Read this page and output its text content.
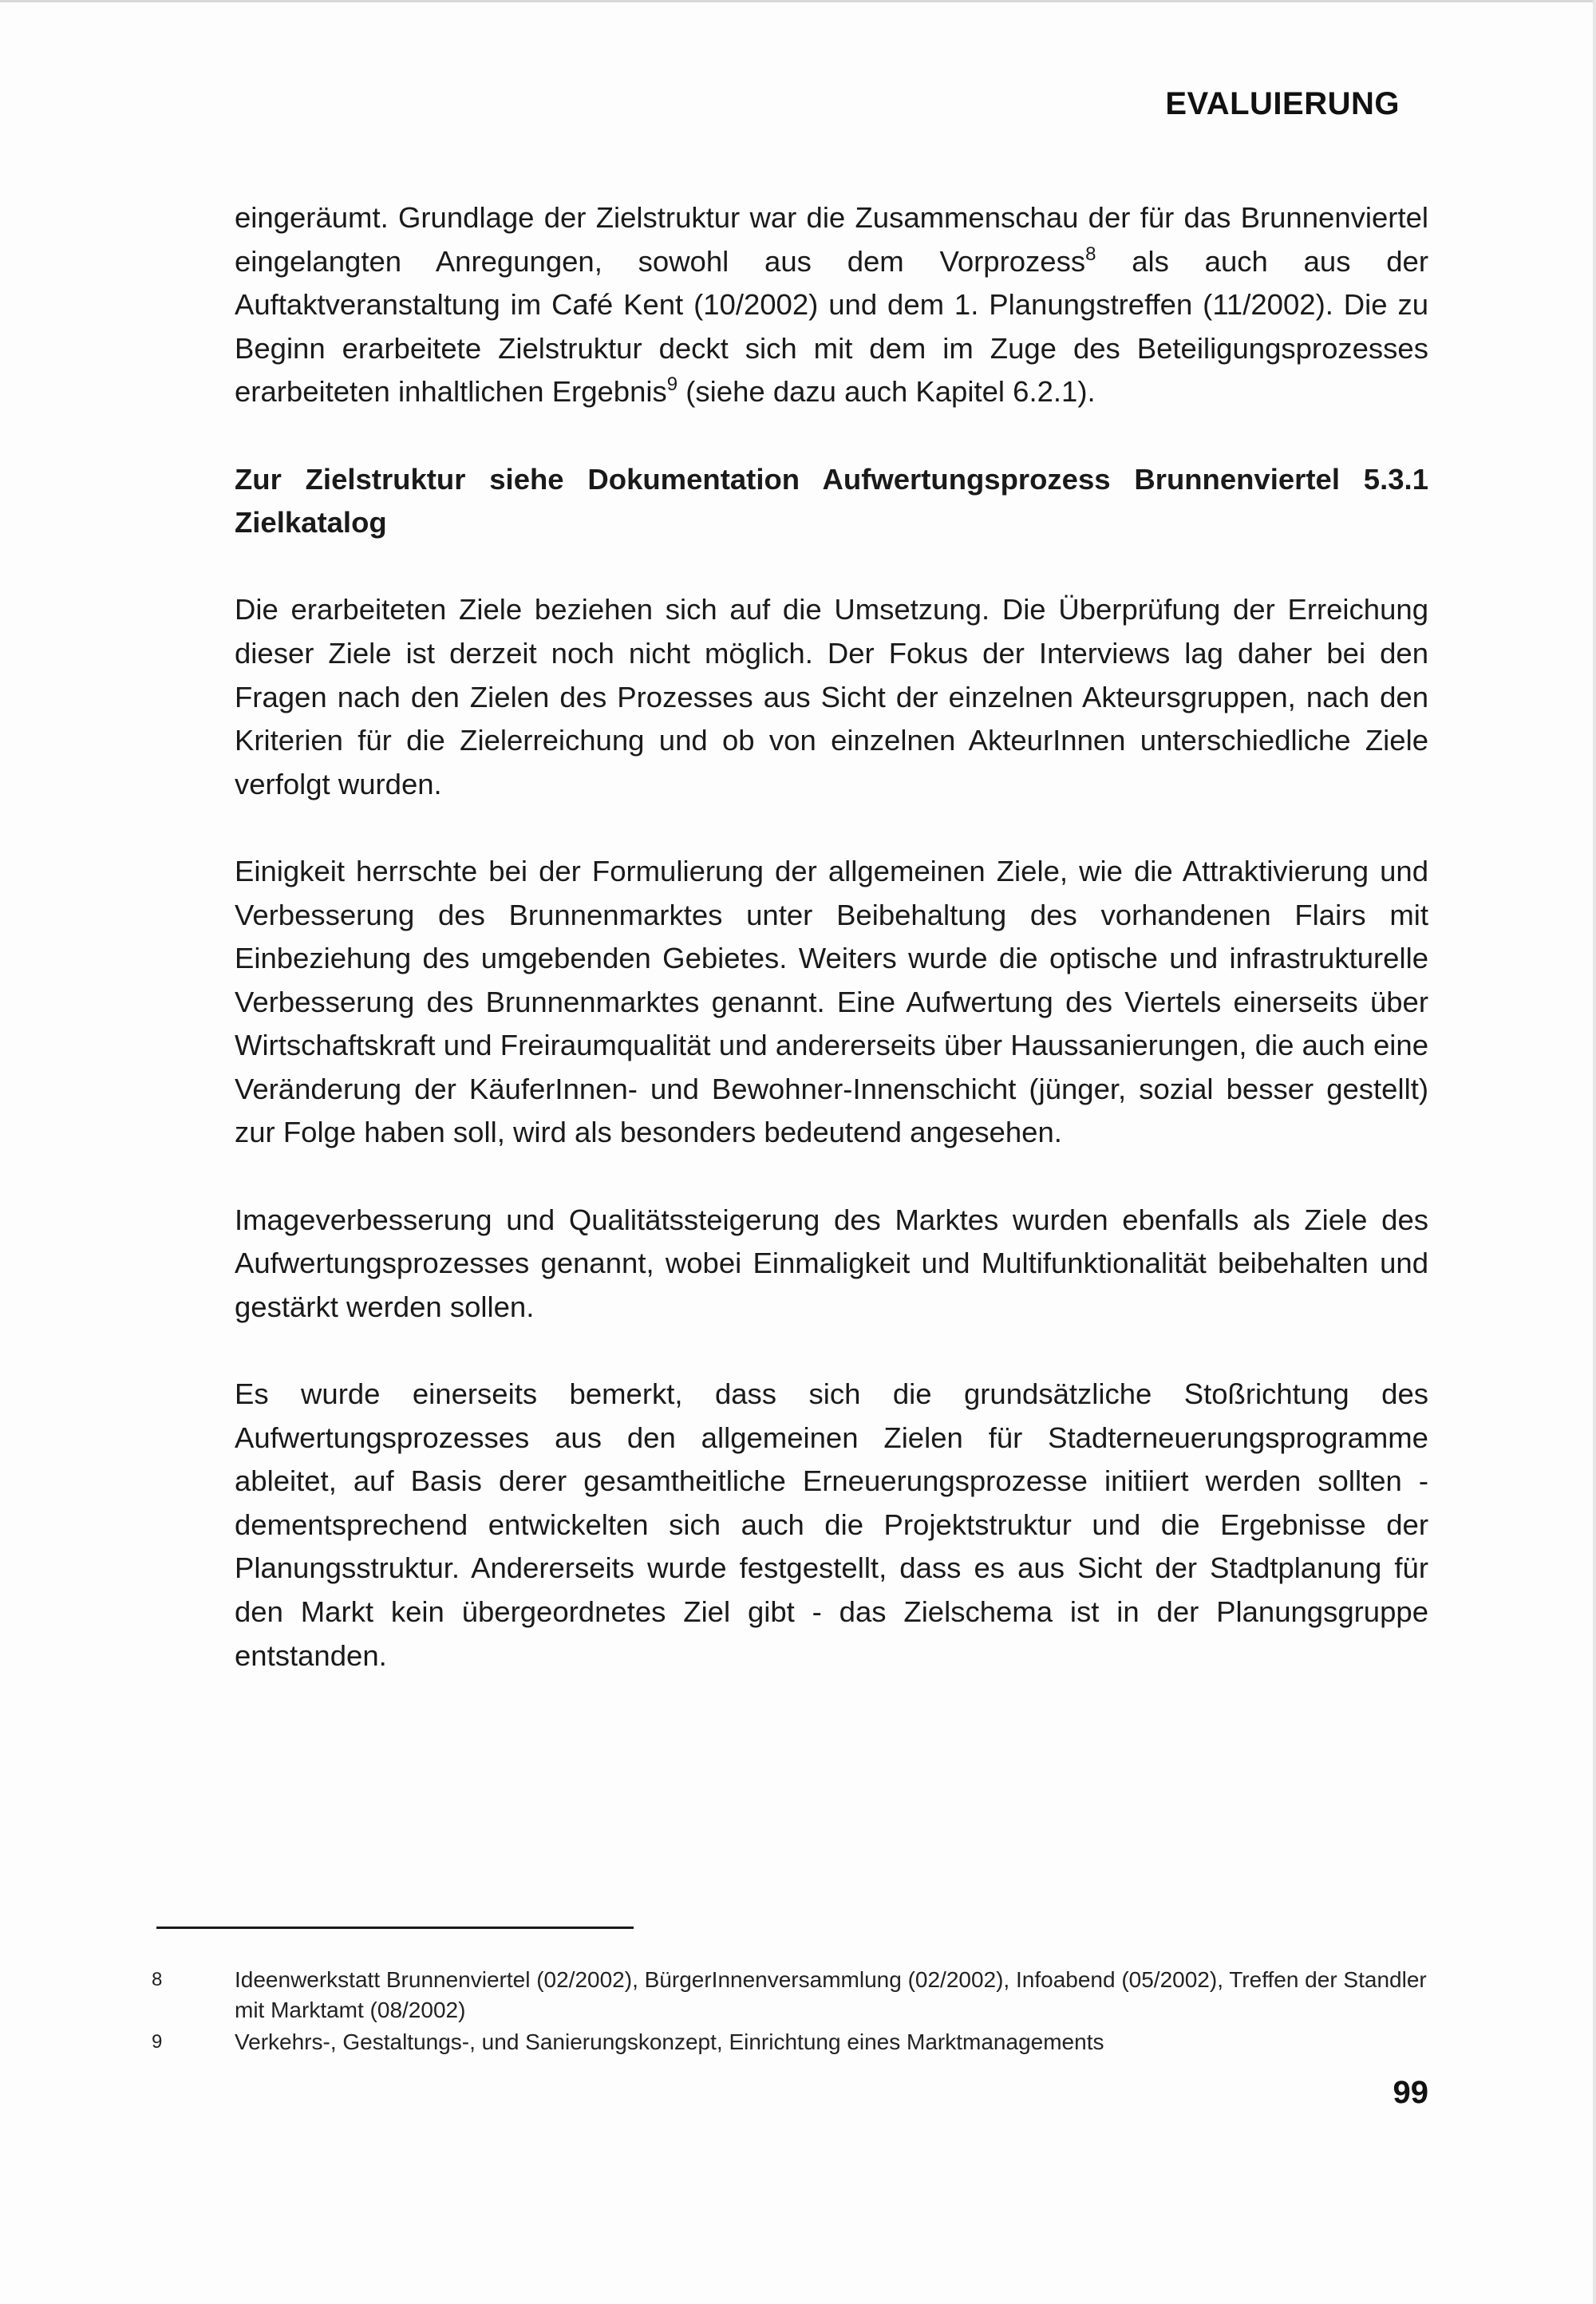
EVALUIERUNG

eingeräumt. Grundlage der Zielstruktur war die Zusammenschau der für das Brunnenviertel eingelangten Anregungen, sowohl aus dem Vorprozess$^8$ als auch aus der Auftaktveranstaltung im Café Kent (10/2002) und dem 1. Planungstreffen (11/2002). Die zu Beginn erarbeitete Zielstruktur deckt sich mit dem im Zuge des Beteiligungsprozesses erarbeiteten inhaltlichen Ergebnis$^9$ (siehe dazu auch Kapitel 6.2.1).

Zur Zielstruktur siehe Dokumentation Aufwertungsprozess Brunnenviertel 5.3.1 Zielkatalog

Die erarbeiteten Ziele beziehen sich auf die Umsetzung. Die Überprüfung der Erreichung dieser Ziele ist derzeit noch nicht möglich. Der Fokus der Interviews lag daher bei den Fragen nach den Zielen des Prozesses aus Sicht der einzelnen Akteursgruppen, nach den Kriterien für die Zielerreichung und ob von einzelnen AkteurInnen unterschiedliche Ziele verfolgt wurden.

Einigkeit herrschte bei der Formulierung der allgemeinen Ziele, wie die Attraktivierung und Verbesserung des Brunnenmarktes unter Beibehaltung des vorhandenen Flairs mit Einbeziehung des umgebenden Gebietes. Weiters wurde die optische und infrastrukturelle Verbesserung des Brunnenmarktes genannt. Eine Aufwertung des Viertels einerseits über Wirtschaftskraft und Freiraumqualität und andererseits über Haussanierungen, die auch eine Veränderung der KäuferInnen- und Bewohner-Innenschicht (jünger, sozial besser gestellt) zur Folge haben soll, wird als besonders bedeutend angesehen.

Imageverbesserung und Qualitätssteigerung des Marktes wurden ebenfalls als Ziele des Aufwertungsprozesses genannt, wobei Einmaligkeit und Multifunktionalität beibehalten und gestärkt werden sollen.

Es wurde einerseits bemerkt, dass sich die grundsätzliche Stoßrichtung des Aufwertungsprozesses aus den allgemeinen Zielen für Stadterneuerungsprogramme ableitet, auf Basis derer gesamtheitliche Erneuerungsprozesse initiiert werden sollten - dementsprechend entwickelten sich auch die Projektstruktur und die Ergebnisse der Planungsstruktur. Andererseits wurde festgestellt, dass es aus Sicht der Stadtplanung für den Markt kein übergeordnetes Ziel gibt - das Zielschema ist in der Planungsgruppe entstanden.

8	Ideenwerkstatt Brunnenviertel (02/2002), BürgerInnenversammlung (02/2002), Infoabend (05/2002), Treffen der Standler mit Marktamt (08/2002)
9	Verkehrs-, Gestaltungs-, und Sanierungskonzept, Einrichtung eines Marktmanagements
99
